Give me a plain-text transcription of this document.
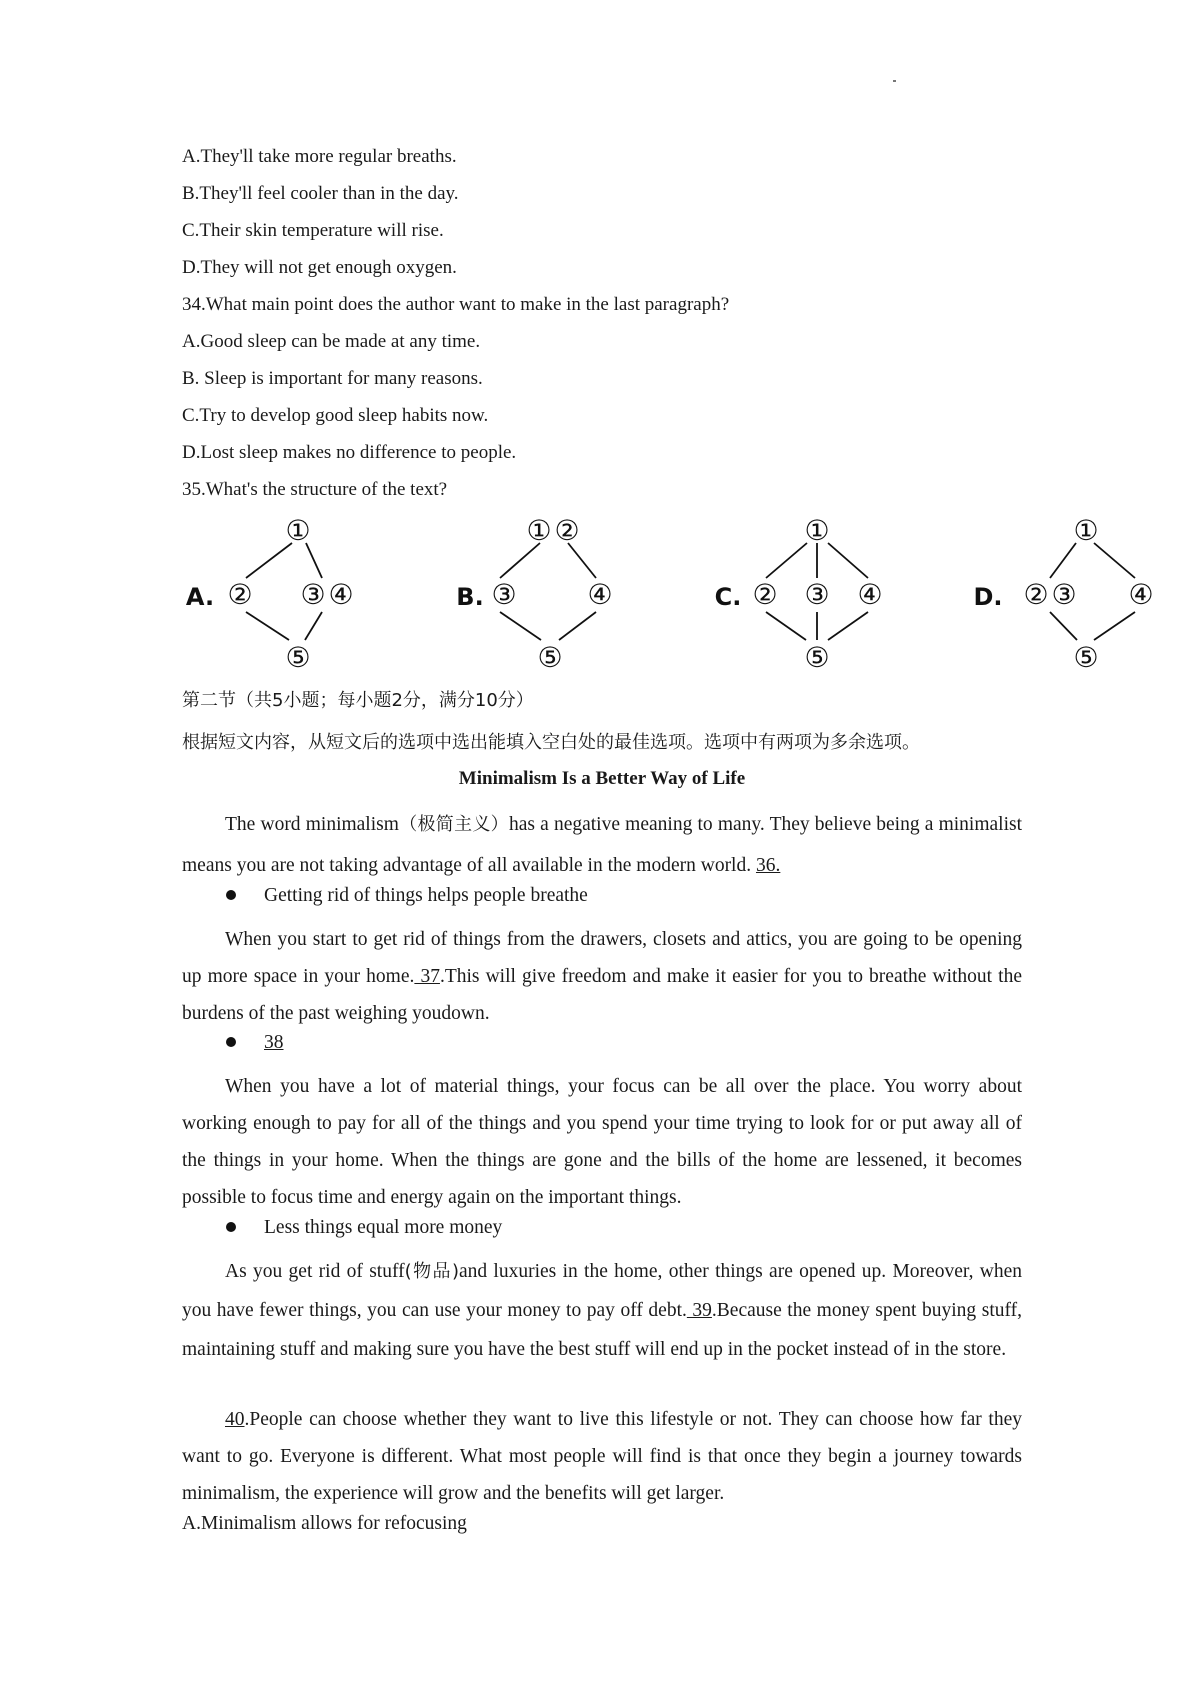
A.They'll take more regular breaths.
B.They'll feel cooler than in the day.
C.Their skin temperature will rise.
D.They will not get enough oxygen.
34.What main point does the author want to make in the last paragraph?
A.Good sleep can be made at any time.
B. Sleep is important for many reasons.
C.Try to develop good sleep habits now.
D.Lost sleep makes no difference to people.
35.What's the structure of the text?
A.
①
② ③ ④
⑤
B.
① ②
③	④
⑤
C.
①
② ③ ④
⑤
D.
①
② ③ ④
⑤
第二节（共5小题；每小题2分，满分10分）
根据短文内容，从短文后的选项中选出能填入空白处的最佳选项。选项中有两项为多余选项。
Minimalism Is a Better Way of Life

The word minimalism（极简主义）has a negative meaning to many. They believe being a minimalist means you are not taking advantage of all available in the modern world. 36.

Getting rid of things helps people breathe

When you start to get rid of things from the drawers, closets and attics, you are going to be opening up more space in your home. 37.This will give freedom and make it easier for you to breathe without the burdens of the past weighing youdown.

38

When you have a lot of material things, your focus can be all over the place. You worry about working enough to pay for all of the things and you spend your time trying to look for or put away all of the things in your home. When the things are gone and the bills of the home are lessened, it becomes possible to focus time and energy again on the important things.

Less things equal more money

As you get rid of stuff(物品)and luxuries in the home, other things are opened up. Moreover, when you have fewer things, you can use your money to pay off debt. 39.Because the money spent buying stuff, maintaining stuff and making sure you have the best stuff will end up in the pocket instead of in the store.

40.People can choose whether they want to live this lifestyle or not. They can choose how far they want to go. Everyone is different. What most people will find is that once they begin a journey towards minimalism, the experience will grow and the benefits will get larger.

A.Minimalism allows for refocusing
